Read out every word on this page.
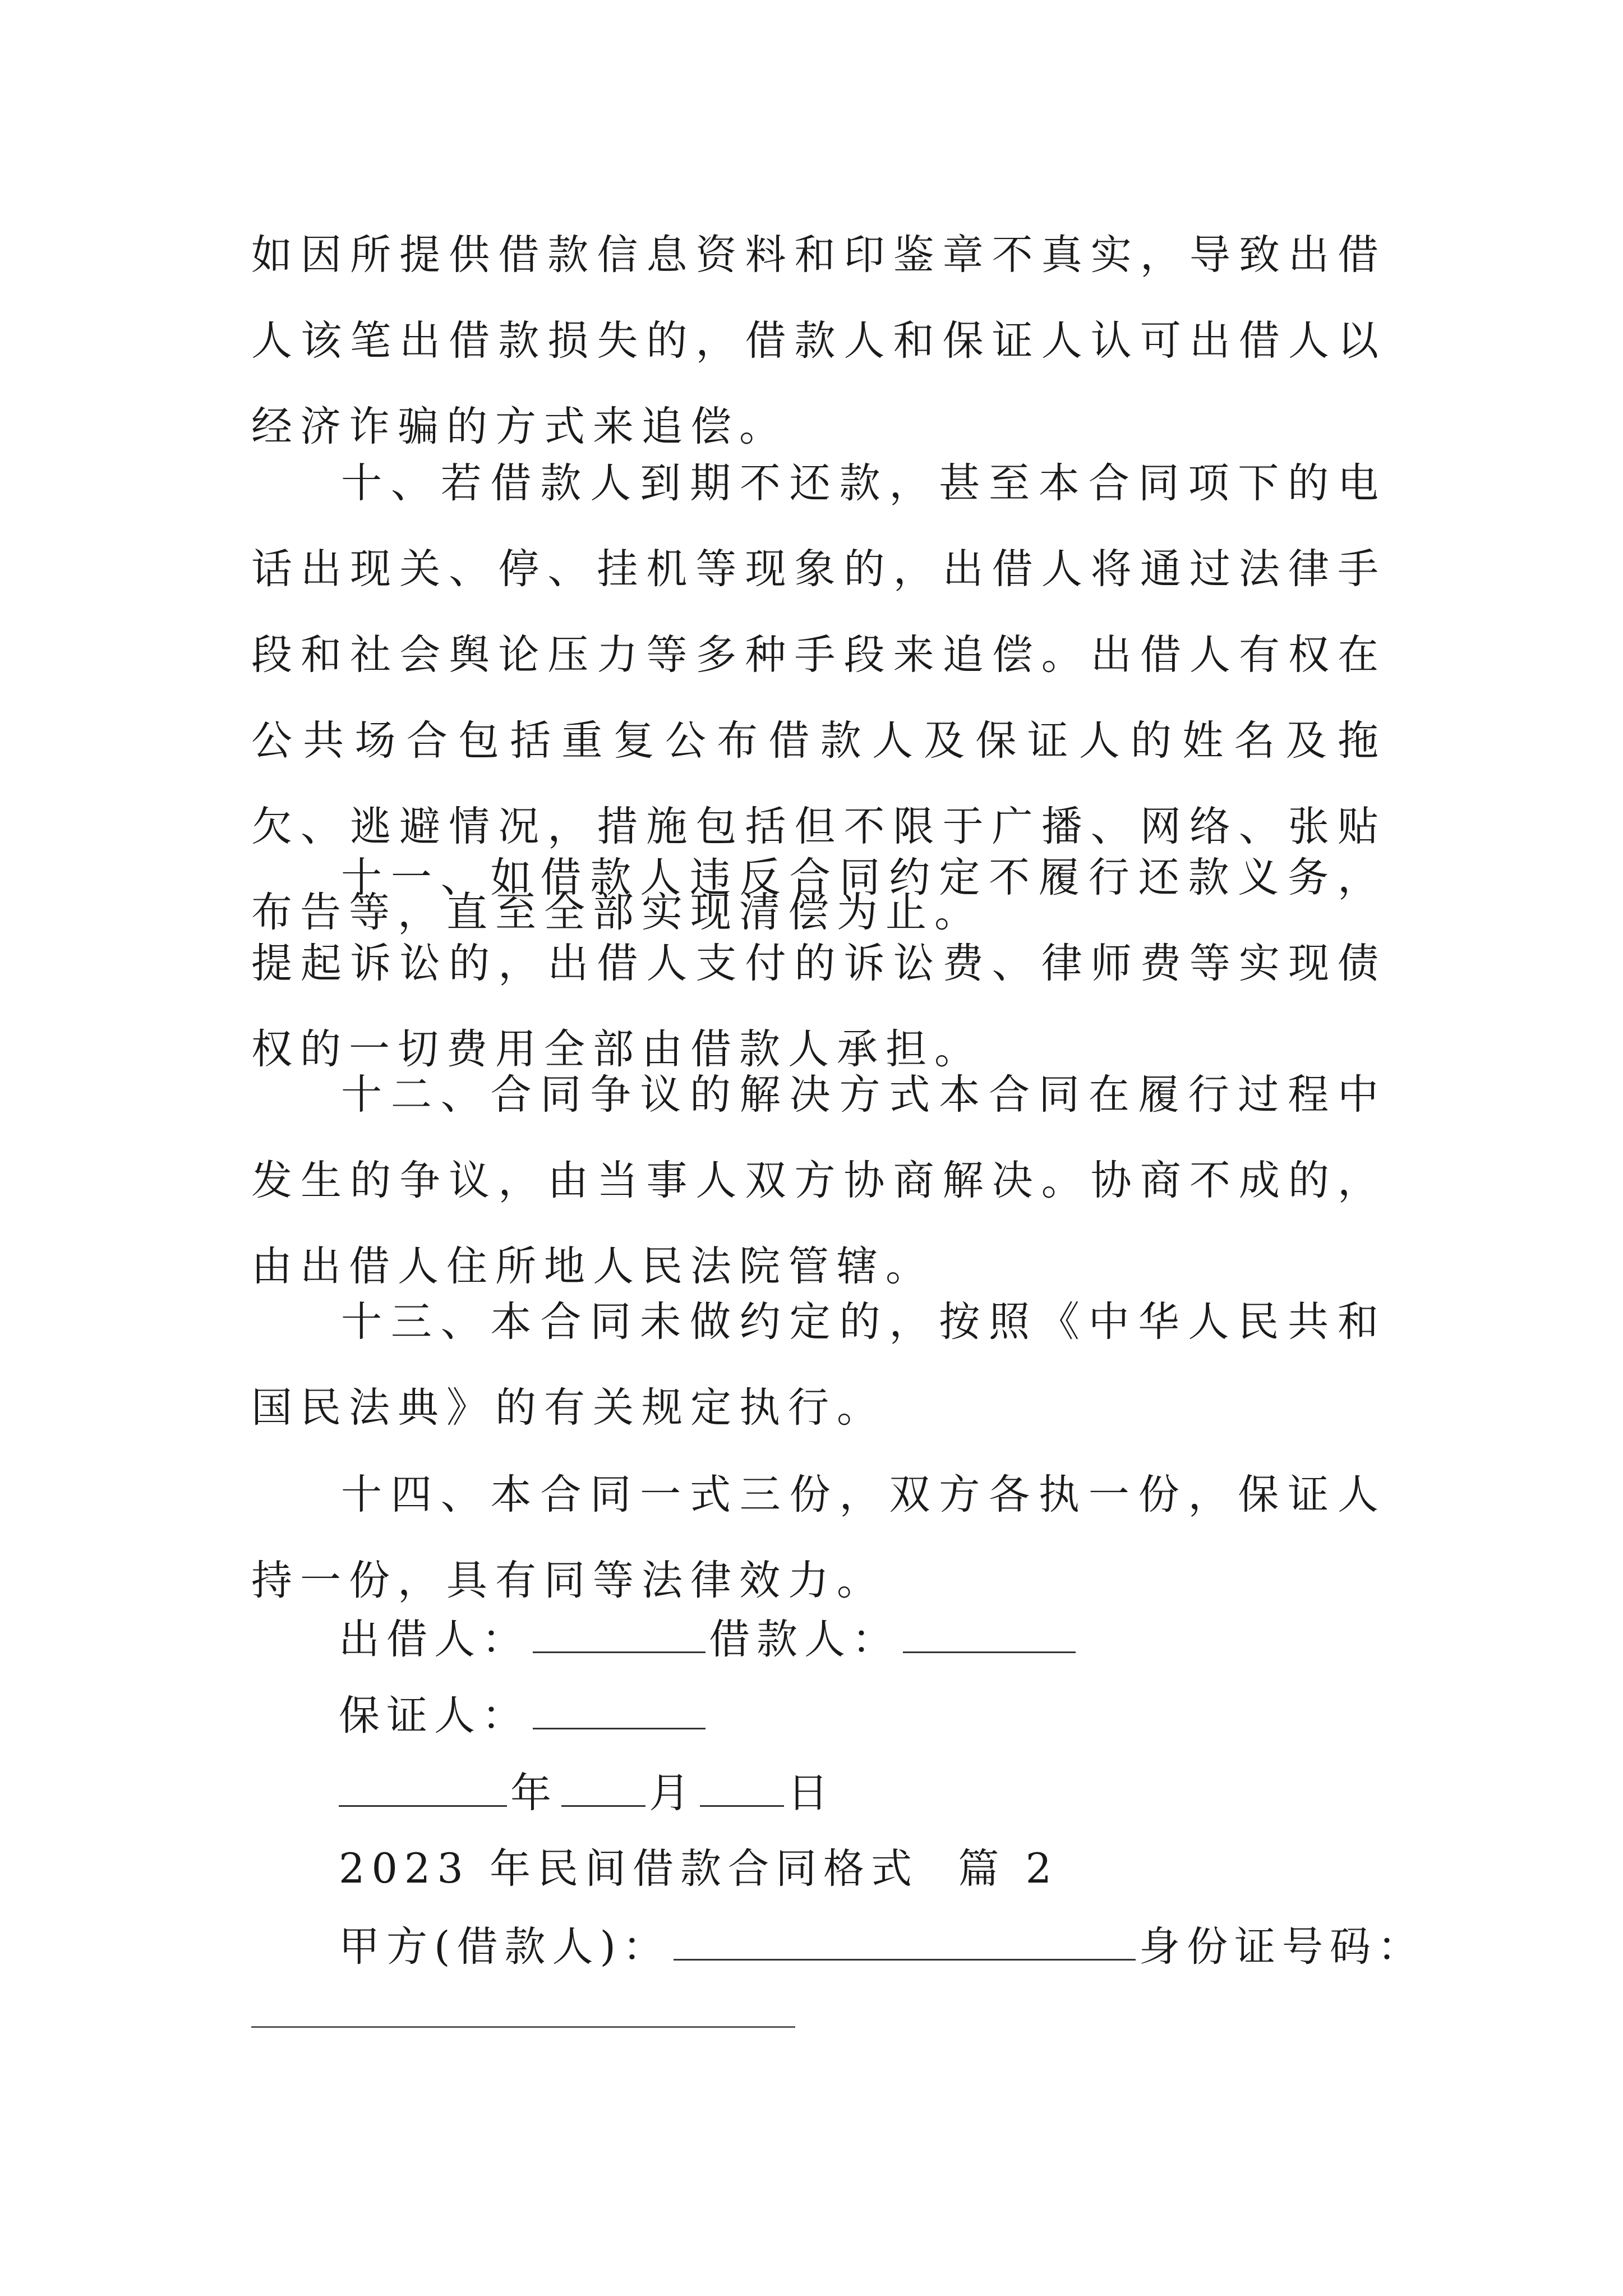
如因所提供借款信息资料和印鉴章不真实，导致出借人该笔出借款损失的，借款人和保证人认可出借人以经济诈骗的方式来追偿。

十、若借款人到期不还款，甚至本合同项下的电话出现关、停、挂机等现象的，出借人将通过法律手段和社会舆论压力等多种手段来追偿。出借人有权在公共场合包括重复公布借款人及保证人的姓名及拖欠、逃避情况，措施包括但不限于广播、网络、张贴布告等，直至全部实现清偿为止。

十一、如借款人违反合同约定不履行还款义务，提起诉讼的，出借人支付的诉讼费、律师费等实现债权的一切费用全部由借款人承担。

十二、合同争议的解决方式本合同在履行过程中发生的争议，由当事人双方协商解决。协商不成的，由出借人住所地人民法院管辖。

十三、本合同未做约定的，按照《中华人民共和国民法典》的有关规定执行。

十四、本合同一式三份，双方各执一份，保证人持一份，具有同等法律效力。

出借人：	借款人：
保证人：
年 月 日
2023 年民间借款合同格式  篇 2
甲方(借款人)：	身份证号码：
